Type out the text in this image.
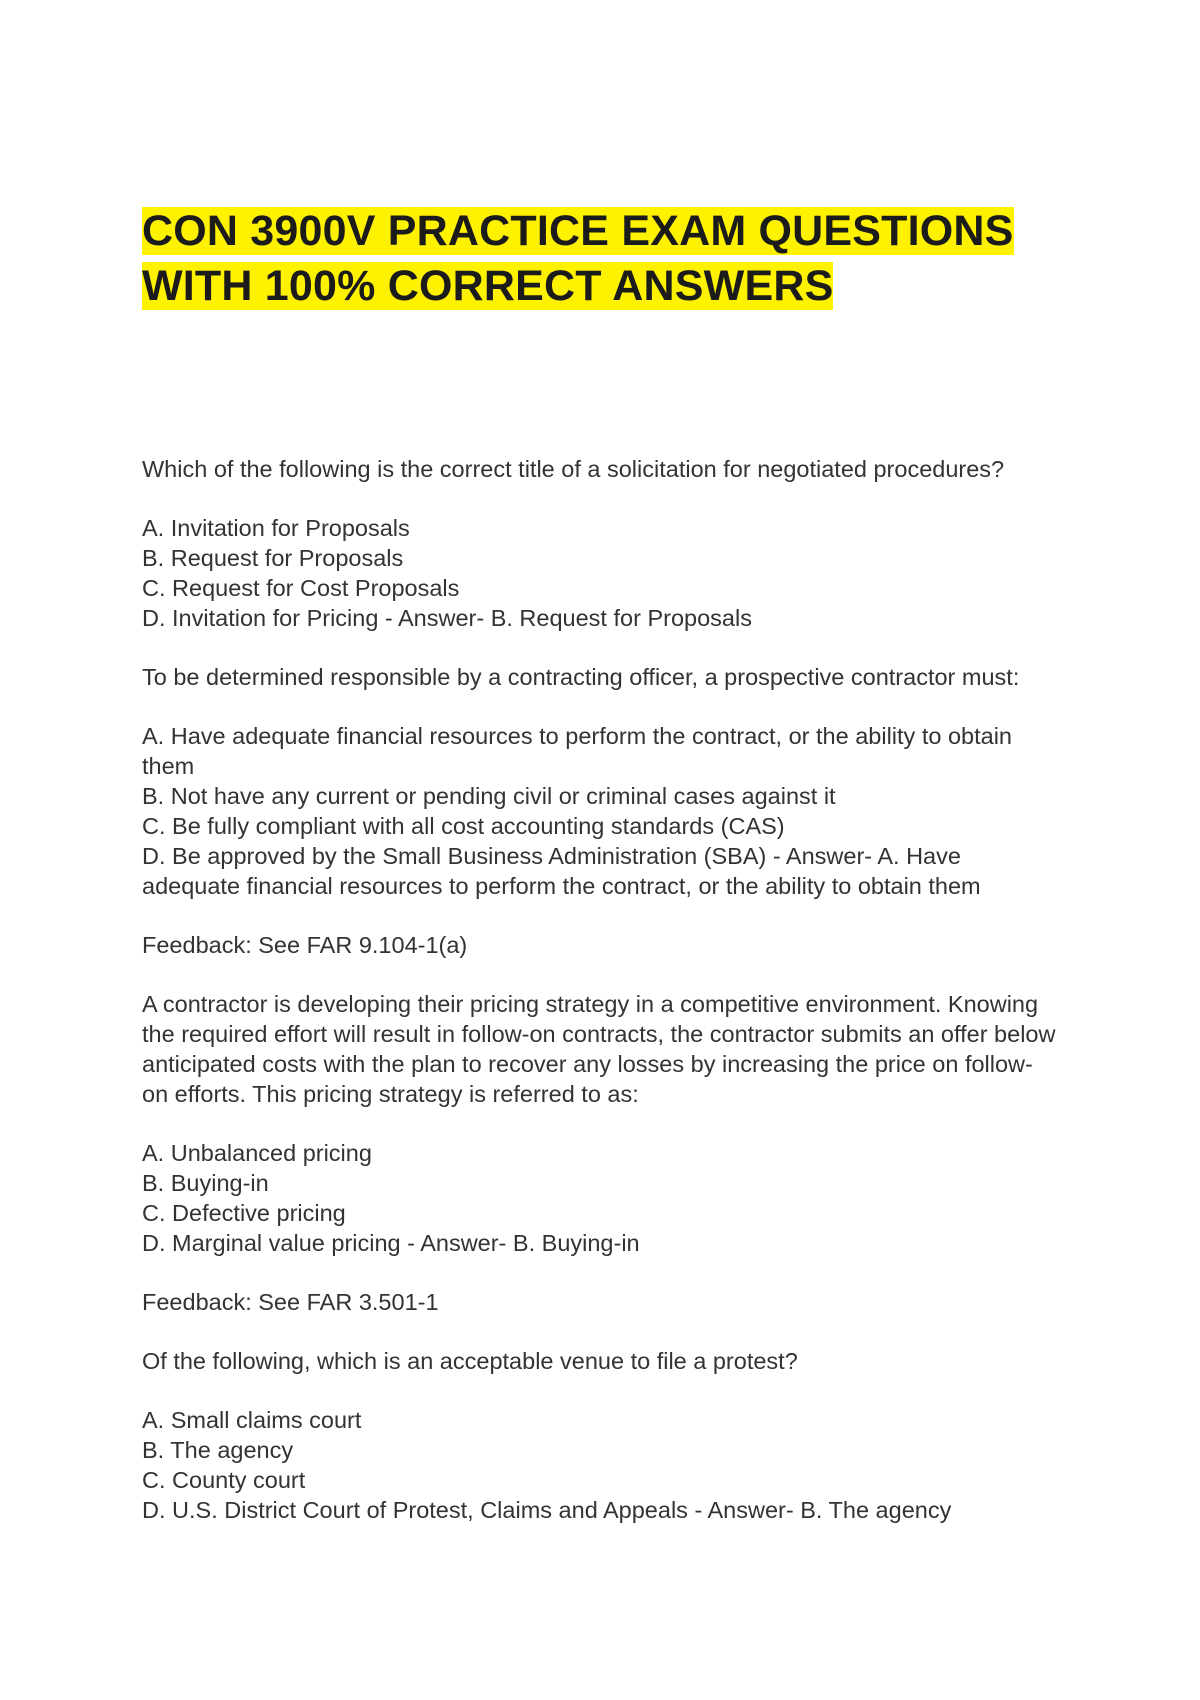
CON 3900V PRACTICE EXAM QUESTIONS
WITH 100% CORRECT ANSWERS
Which of the following is the correct title of a solicitation for negotiated procedures?
A. Invitation for Proposals
B. Request for Proposals
C. Request for Cost Proposals
D. Invitation for Pricing - Answer- B. Request for Proposals
To be determined responsible by a contracting officer, a prospective contractor must:
A. Have adequate financial resources to perform the contract, or the ability to obtain
them
B. Not have any current or pending civil or criminal cases against it
C. Be fully compliant with all cost accounting standards (CAS)
D. Be approved by the Small Business Administration (SBA) - Answer- A. Have
adequate financial resources to perform the contract, or the ability to obtain them
Feedback: See FAR 9.104-1(a)
A contractor is developing their pricing strategy in a competitive environment. Knowing
the required effort will result in follow-on contracts, the contractor submits an offer below
anticipated costs with the plan to recover any losses by increasing the price on follow-
on efforts. This pricing strategy is referred to as:
A. Unbalanced pricing
B. Buying-in
C. Defective pricing
D. Marginal value pricing - Answer- B. Buying-in
Feedback: See FAR 3.501-1
Of the following, which is an acceptable venue to file a protest?
A. Small claims court
B. The agency
C. County court
D. U.S. District Court of Protest, Claims and Appeals - Answer- B. The agency
